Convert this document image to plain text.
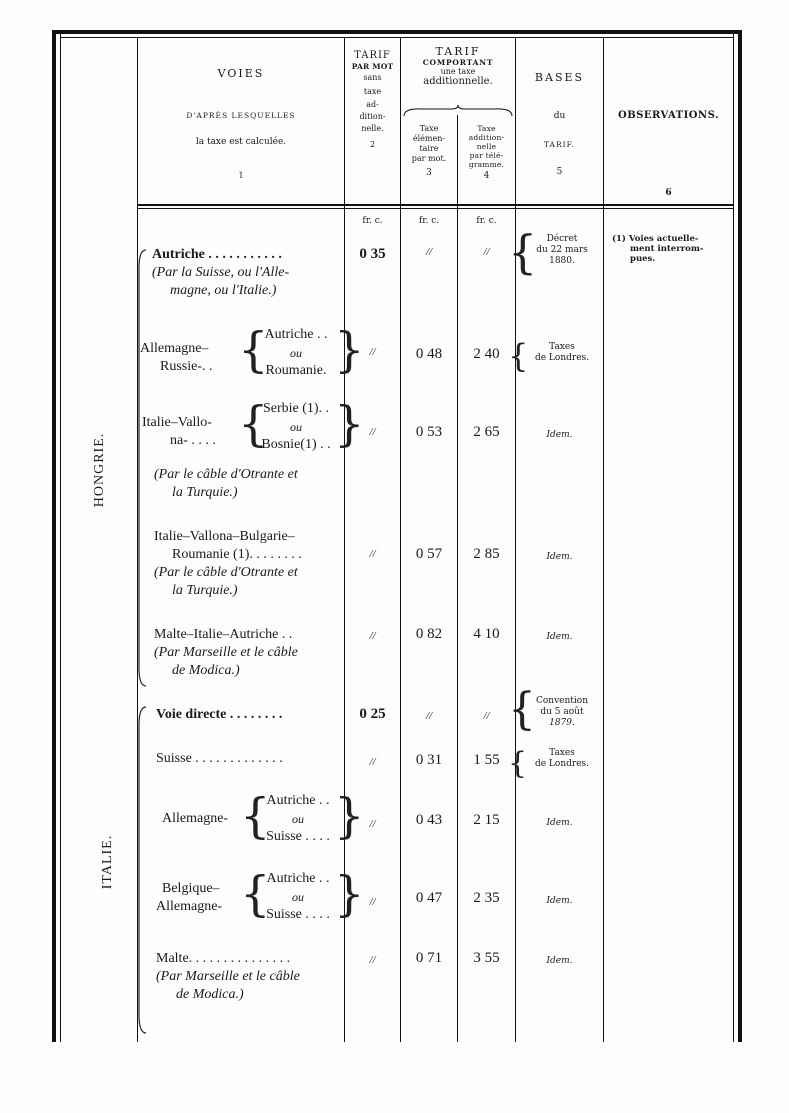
VOIES
D'APRÈS LESQUELLES
la taxe est calculée.
1
TARIF
PAR MOT
sans
taxe
ad-
dition-
nelle.
2
TARIF
COMPORTANT
une taxe
additionnelle.
Taxe
élémen-
taire
par mot.
3
Taxe
addition-
nelle
par télé-
gramme.
4
BASES
du
TARIF.
5
OBSERVATIONS.
6
fr. c.	fr. c.	fr. c.
HONGRIE.
ITALIE.
Autriche . . . . . . . . . . .
(Par la Suisse, ou l'Alle-
magne, ou l'Italie.)
0 35	//	// {	Décret
du 22 mars
1880.
(1) Voies actuelle-
ment interrom-
pues.
Allemagne–
Russie-. . {
Autriche . .
ou
Roumanie. } //	0 48	2 40 {	Taxes
de Londres.
Italie–Vallo-
na- . . . . {
Serbie (1). .
ou
Bosnie(1) . . }
(Par le câble d'Otrante et
la Turquie.)
//	0 53	2 65	Idem.
Italie–Vallona–Bulgarie–
Roumanie (1). . . . . . . .
(Par le câble d'Otrante et
la Turquie.)
//	0 57	2 85	Idem.
Malte–Italie–Autriche . .
(Par Marseille et le câble
de Modica.)
//	0 82	4 10	Idem.
Voie directe . . . . . . . .	0 25	//	// { Convention
du 5 août
1879.
Suisse . . . . . . . . . . . . .	//	0 31	1 55 {	Taxes
de Londres.
Allemagne- {
Autriche . .
ou
Suisse . . . . } //	0 43	2 15	Idem.
Belgique–
Allemagne- {
Autriche . .
ou
Suisse . . . . } //	0 47	2 35	Idem.
Malte. . . . . . . . . . . . . . .
(Par Marseille et le câble
de Modica.)
//	0 71	3 55	Idem.
